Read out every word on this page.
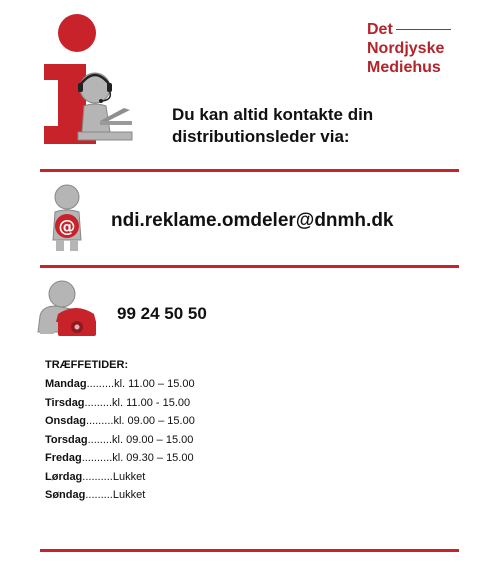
Det
Nordjyske
Mediehus
Du kan altid kontakte din
distributionsleder via:
@ ndi.reklame.omdeler@dnmh.dk
99 24 50 50
TRÆFFETIDER:
Mandag.........kl. 11.00 – 15.00
Tirsdag.........kl. 11.00 - 15.00
Onsdag.........kl. 09.00 – 15.00
Torsdag........kl. 09.00 – 15.00
Fredag..........kl. 09.30 – 15.00
Lørdag..........Lukket
Søndag.........Lukket
